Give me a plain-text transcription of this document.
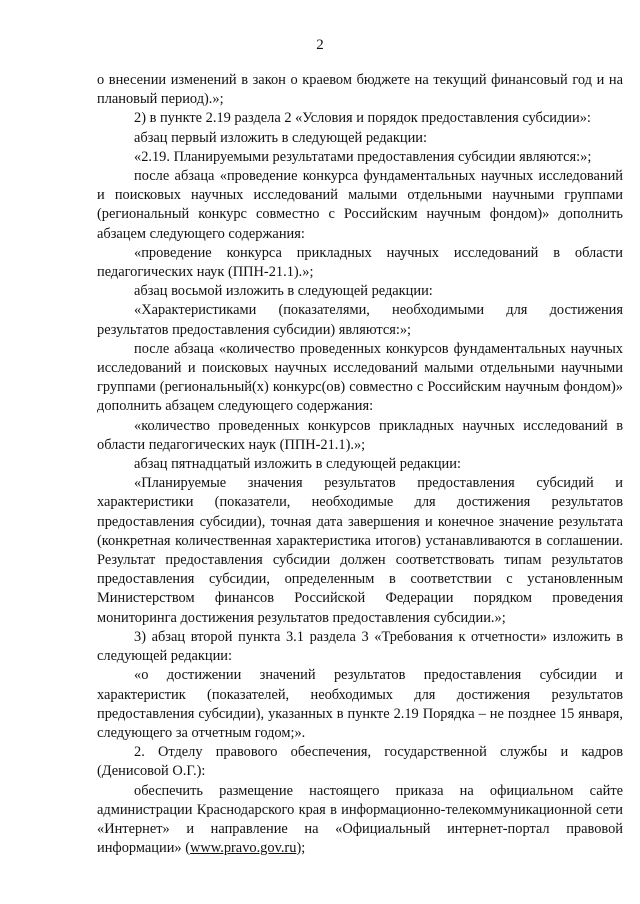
2

о внесении изменений в закон о краевом бюджете на текущий финансовый год и на плановый период).»;

2) в пункте 2.19 раздела 2 «Условия и порядок предоставления субсидии»:

абзац первый изложить в следующей редакции:

«2.19. Планируемыми результатами предоставления субсидии являются:»;

после абзаца «проведение конкурса фундаментальных научных исследований и поисковых научных исследований малыми отдельными научными группами (региональный конкурс совместно с Российским научным фондом)» дополнить абзацем следующего содержания:

«проведение конкурса прикладных научных исследований в области педагогических наук (ППН-21.1).»;

абзац восьмой изложить в следующей редакции:

«Характеристиками (показателями, необходимыми для достижения результатов предоставления субсидии) являются:»;

после абзаца «количество проведенных конкурсов фундаментальных научных исследований и поисковых научных исследований малыми отдельными научными группами (региональный(х) конкурс(ов) совместно с Российским научным фондом)» дополнить абзацем следующего содержания:

«количество проведенных конкурсов прикладных научных исследований в области педагогических наук (ППН-21.1).»;

абзац пятнадцатый изложить в следующей редакции:

«Планируемые значения результатов предоставления субсидий и характеристики (показатели, необходимые для достижения результатов предоставления субсидии), точная дата завершения и конечное значение результата (конкретная количественная характеристика итогов) устанавливаются в соглашении. Результат предоставления субсидии должен соответствовать типам результатов предоставления субсидии, определенным в соответствии с установленным Министерством финансов Российской Федерации порядком проведения мониторинга достижения результатов предоставления субсидии.»;

3) абзац второй пункта 3.1 раздела 3 «Требования к отчетности» изложить в следующей редакции:

«о достижении значений результатов предоставления субсидии и характеристик (показателей, необходимых для достижения результатов предоставления субсидии), указанных в пункте 2.19 Порядка – не позднее 15 января, следующего за отчетным годом;».

2. Отделу правового обеспечения, государственной службы и кадров (Денисовой О.Г.):

обеспечить размещение настоящего приказа на официальном сайте администрации Краснодарского края в информационно-телекоммуникационной сети «Интернет» и направление на «Официальный интернет-портал правовой информации» (www.pravo.gov.ru);
